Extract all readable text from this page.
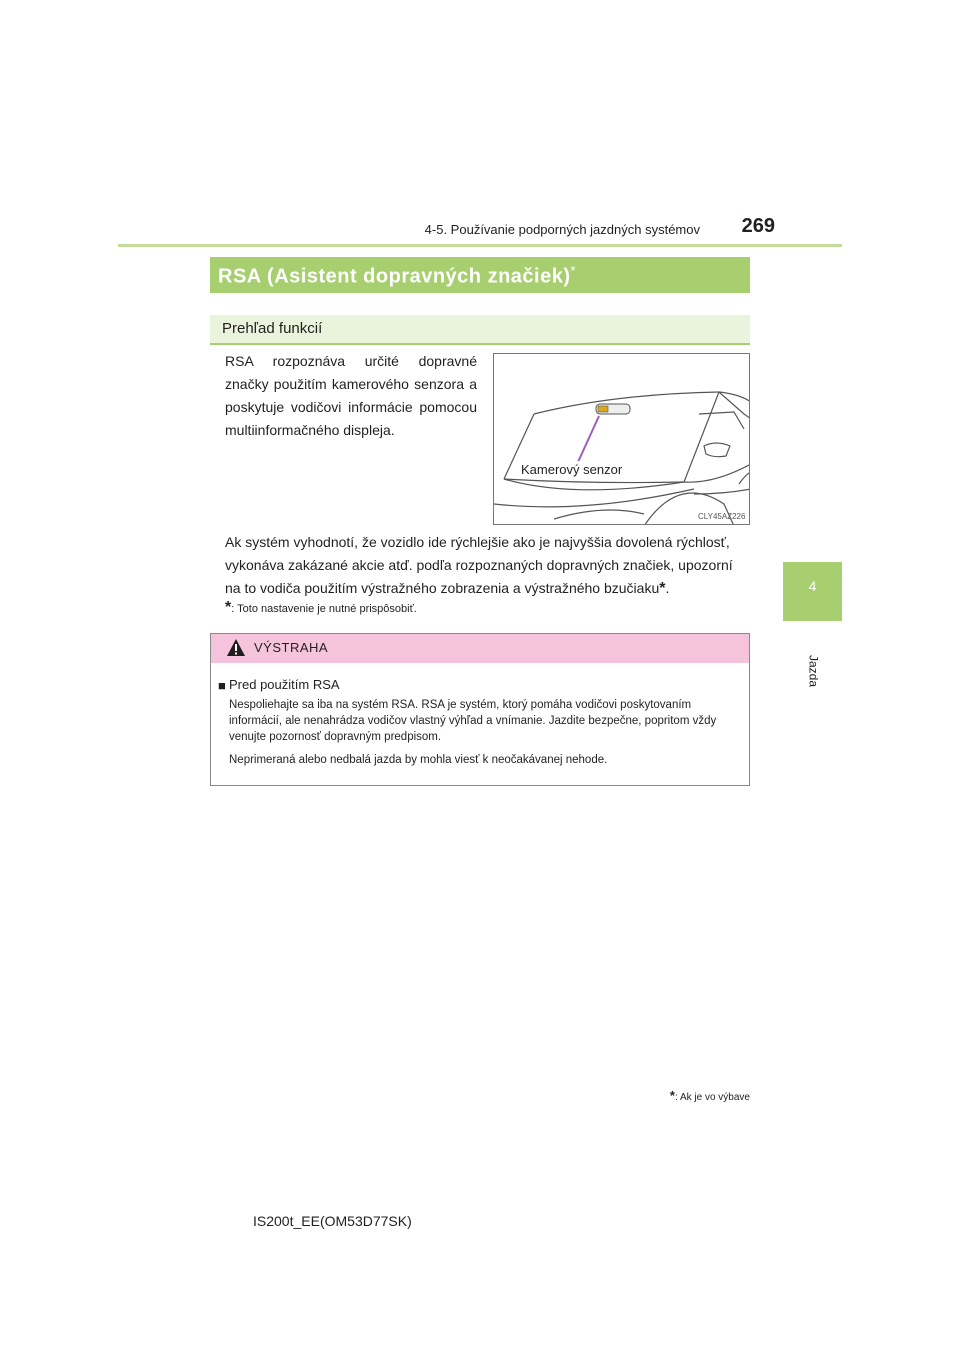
4-5. Používanie podporných jazdných systémov	269
4
Jazda
RSA (Asistent dopravných značiek)*
Prehľad funkcií
RSA rozpoznáva určité dopravné značky použitím kamerového senzora a poskytuje vodičovi informácie pomocou multiinformačného displeja.
Kamerový senzor
CLY45AZ226
Ak systém vyhodnotí, že vozidlo ide rýchlejšie ako je najvyššia dovolená rýchlosť, vykonáva zakázané akcie atď. podľa rozpoznaných dopravných značiek, upozorní na to vodiča použitím výstražného zobrazenia a výstražného bzučiaku*.
*: Toto nastavenie je nutné prispôsobiť.
VÝSTRAHA
■ Pred použitím RSA
Nespoliehajte sa iba na systém RSA. RSA je systém, ktorý pomáha vodičovi poskytovaním informácií, ale nenahrádza vodičov vlastný výhľad a vnímanie. Jazdite bezpečne, popritom vždy venujte pozornosť dopravným predpisom.
Neprimeraná alebo nedbalá jazda by mohla viesť k neočakávanej nehode.
*: Ak je vo výbave
IS200t_EE(OM53D77SK)
